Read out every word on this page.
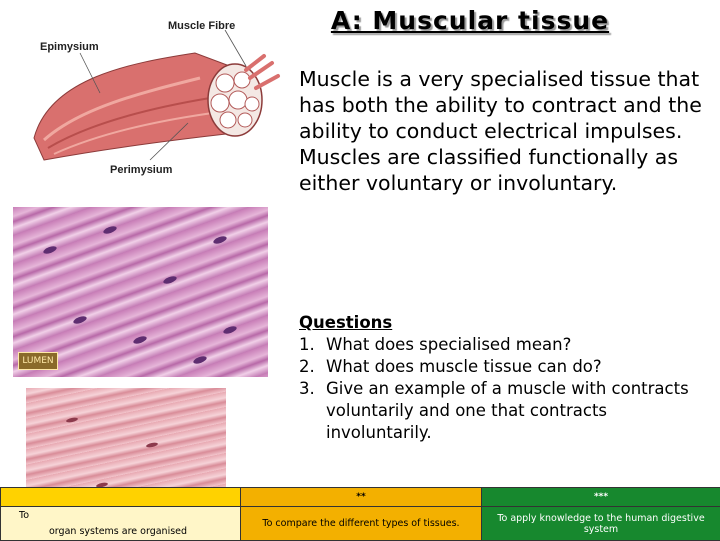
Muscle Fibre
Epimysium
Perimysium
LUMEN
A: Muscular tissue
Muscle is a very specialised tissue that has both the ability to contract and the ability to conduct electrical impulses. Muscles are classified functionally as either voluntary or involuntary.
Questions
1. What does specialised mean?
2. What does muscle tissue can do?
3. Give an example of a muscle with contracts voluntarily and one that contracts involuntarily.
	**	***

To
organ systems are organised	To compare the different types of tissues.	To apply knowledge to the human digestive system
